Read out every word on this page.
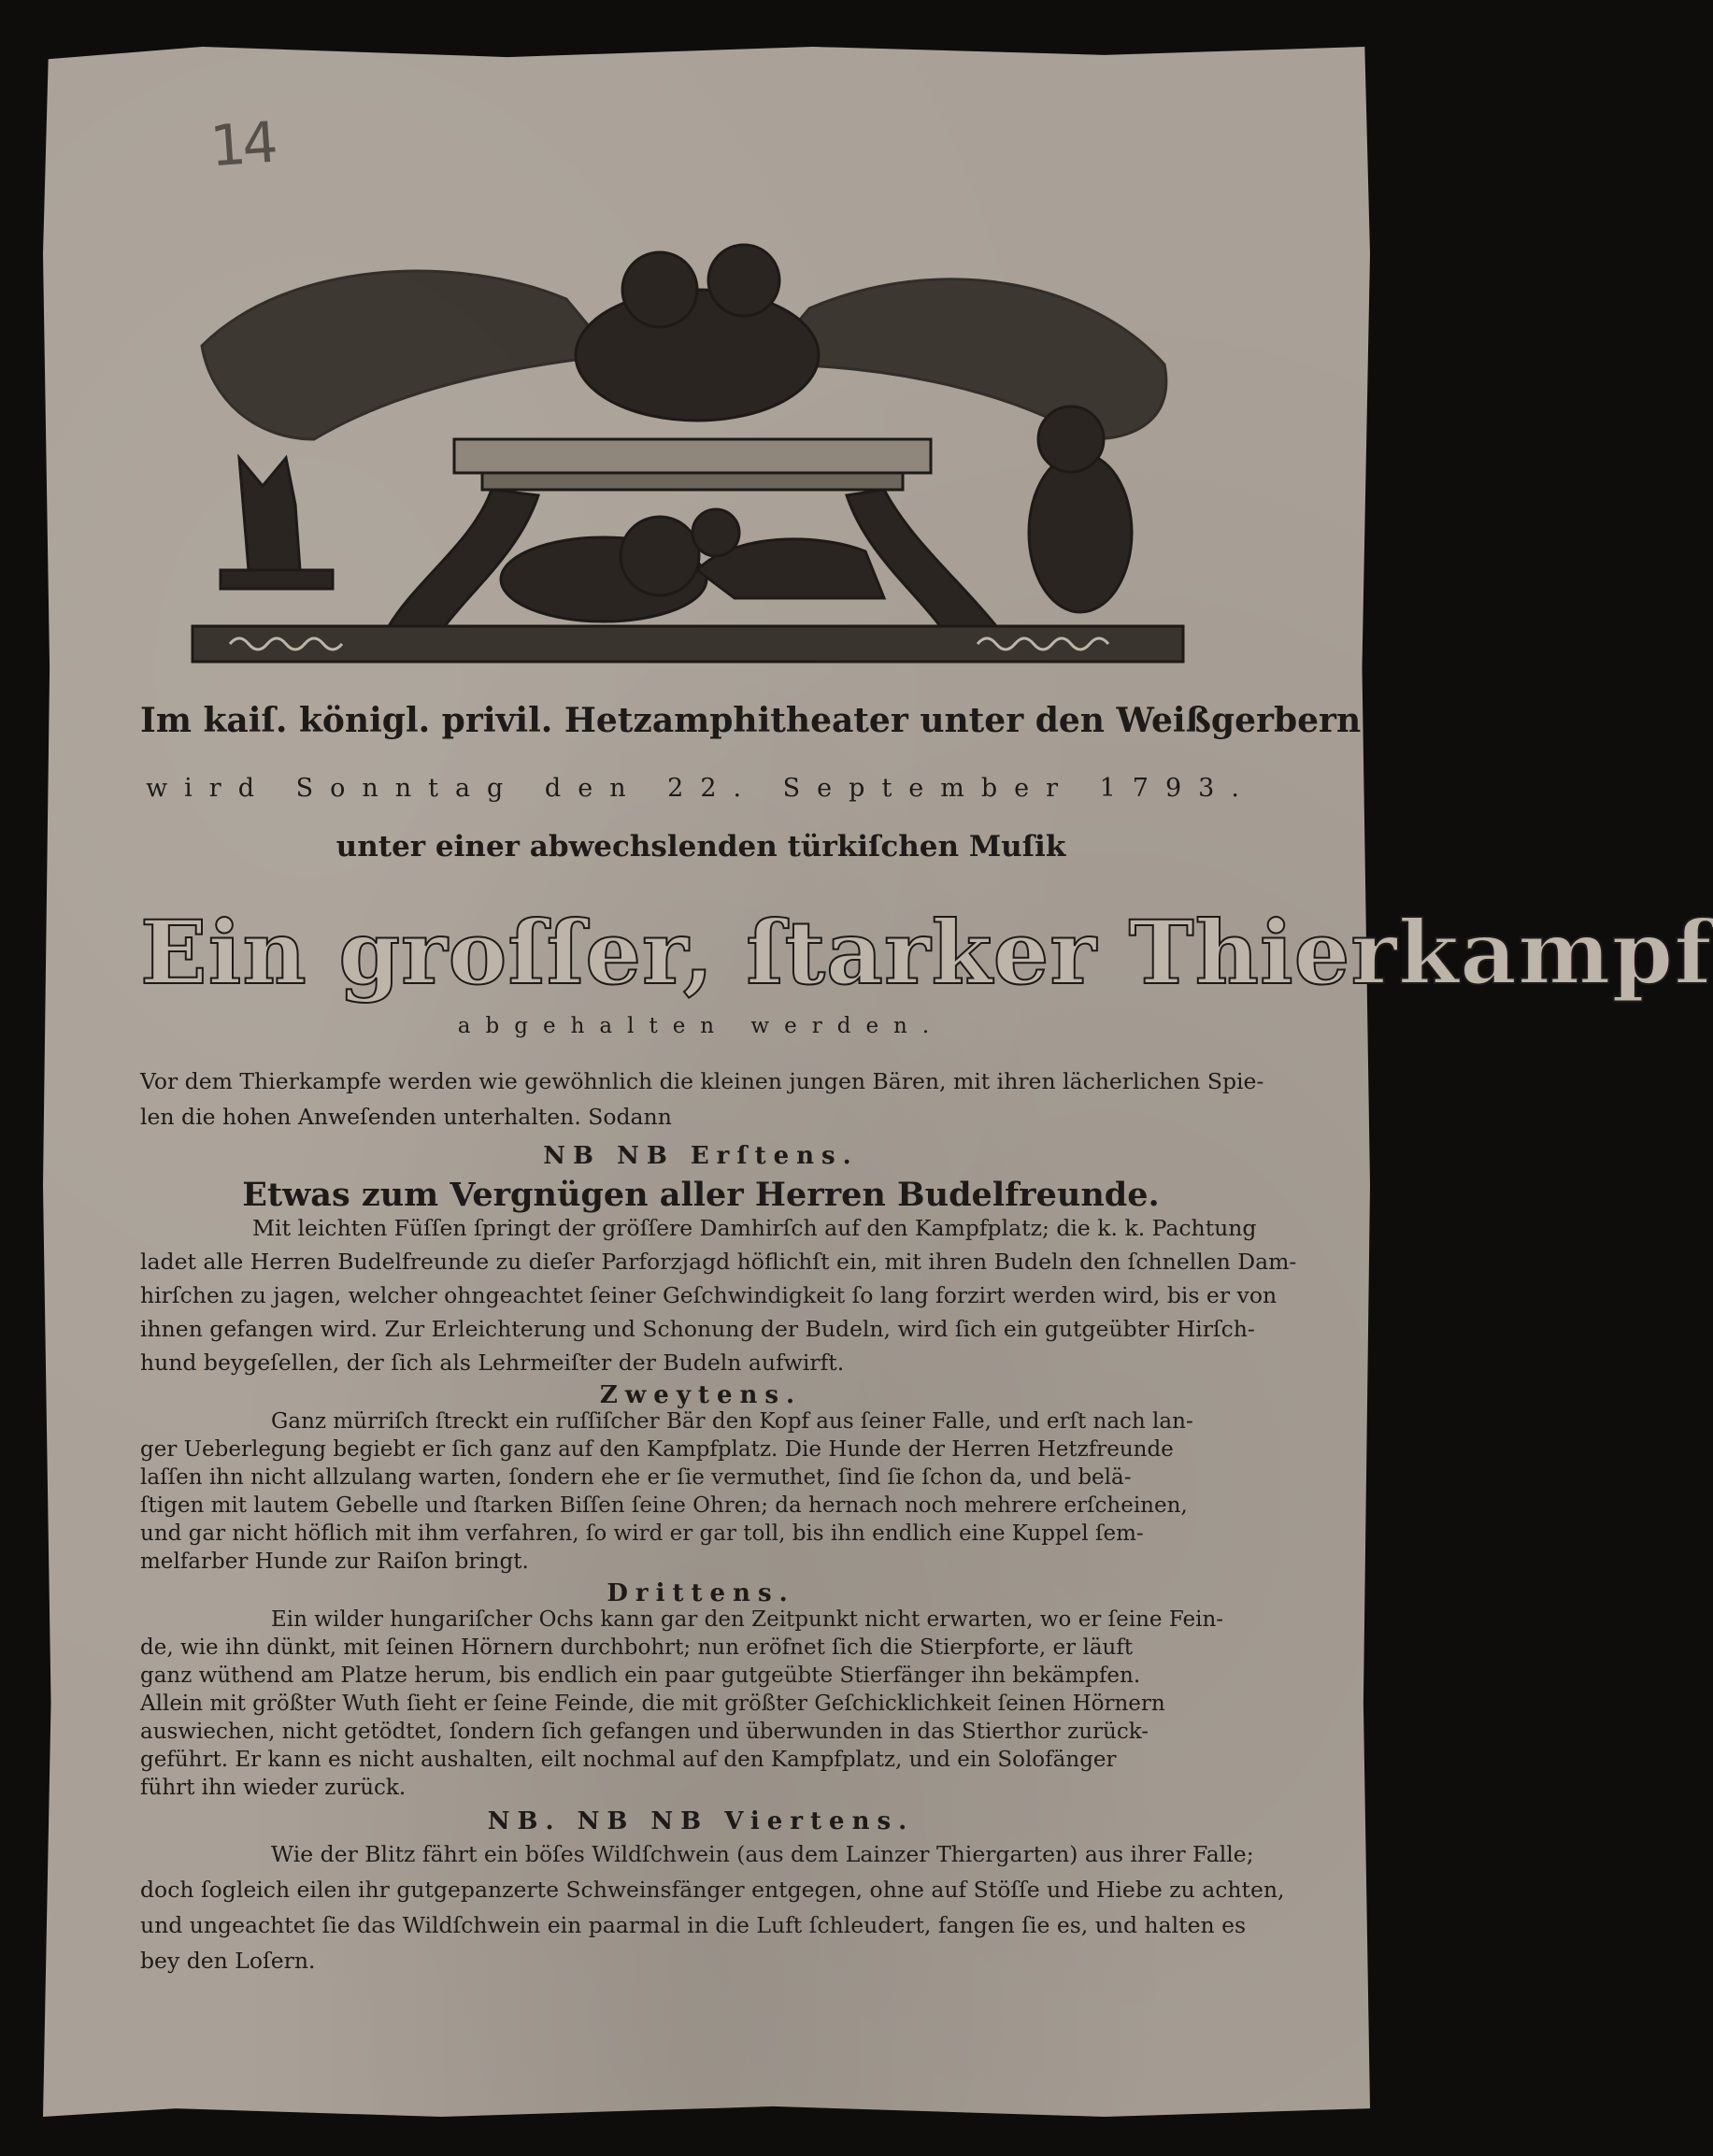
14
Im kaiſ. königl. privil. Hetzamphitheater unter den Weißgerbern
wird Sonntag den 22. September 1793.
unter einer abwechslenden türkiſchen Muſik
Ein groſſer, ſtarker Thierkampf
abgehalten werden.
Vor dem Thierkampfe werden wie gewöhnlich die kleinen jungen Bären, mit ihren lächerlichen Spie-
len die hohen Anweſenden unterhalten. Sodann
NB NB Erſtens.
Etwas zum Vergnügen aller Herren Budelfreunde.
Mit leichten Füſſen ſpringt der gröſſere Damhirſch auf den Kampfplatz; die k. k. Pachtung
ladet alle Herren Budelfreunde zu dieſer Parforzjagd höflichſt ein, mit ihren Budeln den ſchnellen Dam-
hirſchen zu jagen, welcher ohngeachtet ſeiner Geſchwindigkeit ſo lang forzirt werden wird, bis er von
ihnen gefangen wird. Zur Erleichterung und Schonung der Budeln, wird ſich ein gutgeübter Hirſch-
hund beygeſellen, der ſich als Lehrmeiſter der Budeln aufwirft.
Zweytens.
Ganz mürriſch ſtreckt ein ruſſiſcher Bär den Kopf aus ſeiner Falle, und erſt nach lan-
ger Ueberlegung begiebt er ſich ganz auf den Kampfplatz. Die Hunde der Herren Hetzfreunde
laſſen ihn nicht allzulang warten, ſondern ehe er ſie vermuthet, ſind ſie ſchon da, und belä-
ſtigen mit lautem Gebelle und ſtarken Biſſen ſeine Ohren; da hernach noch mehrere erſcheinen,
und gar nicht höflich mit ihm verfahren, ſo wird er gar toll, bis ihn endlich eine Kuppel ſem-
melfarber Hunde zur Raiſon bringt.
Drittens.
Ein wilder hungariſcher Ochs kann gar den Zeitpunkt nicht erwarten, wo er ſeine Fein-
de, wie ihn dünkt, mit ſeinen Hörnern durchbohrt; nun eröfnet ſich die Stierpforte, er läuft
ganz wüthend am Platze herum, bis endlich ein paar gutgeübte Stierfänger ihn bekämpfen.
Allein mit größter Wuth ſieht er ſeine Feinde, die mit größter Geſchicklichkeit ſeinen Hörnern
auswiechen, nicht getödtet, ſondern ſich gefangen und überwunden in das Stierthor zurück-
geführt. Er kann es nicht aushalten, eilt nochmal auf den Kampfplatz, und ein Solofänger
führt ihn wieder zurück.
NB. NB NB Viertens.
Wie der Blitz fährt ein böſes Wildſchwein (aus dem Lainzer Thiergarten) aus ihrer Falle;
doch ſogleich eilen ihr gutgepanzerte Schweinsfänger entgegen, ohne auf Stöſſe und Hiebe zu achten,
und ungeachtet ſie das Wildſchwein ein paarmal in die Luft ſchleudert, fangen ſie es, und halten es
bey den Loſern.
